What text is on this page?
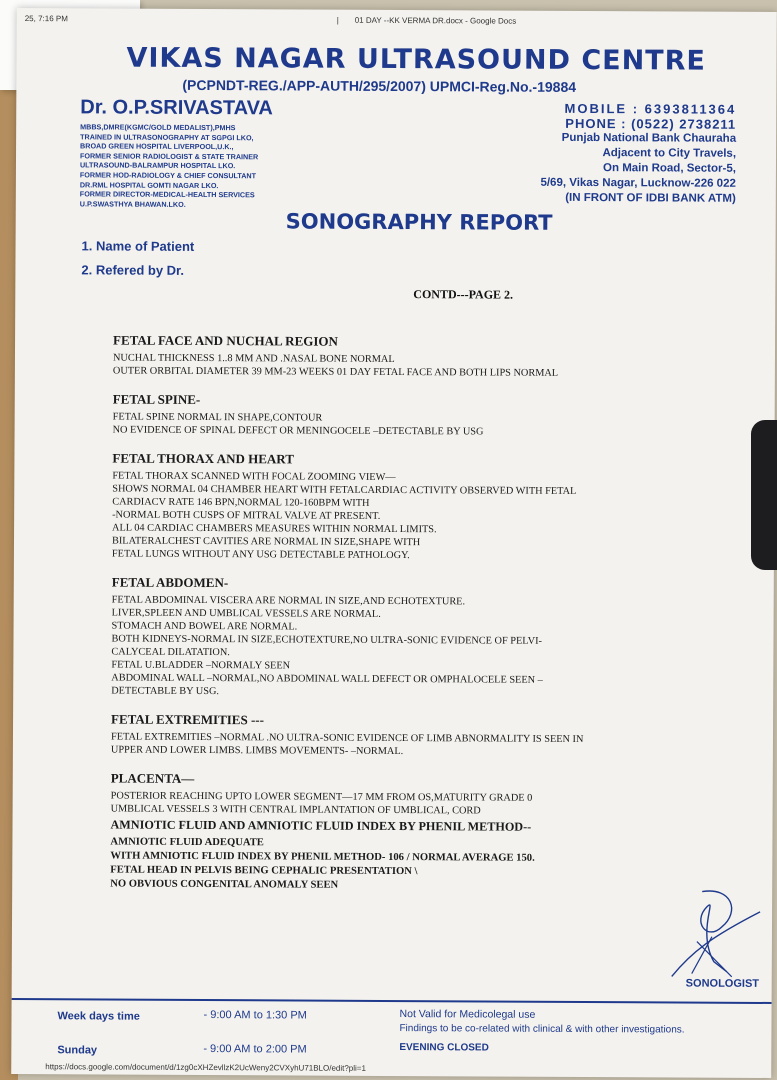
25, 7:16 PM	| 01 DAY --KK VERMA DR.docx - Google Docs
VIKAS NAGAR ULTRASOUND CENTRE
(PCPNDT-REG./APP-AUTH/295/2007) UPMCI-Reg.No.-19884
Dr. O.P.SRIVASTAVA
MBBS,DMRE(KGMC/GOLD MEDALIST),PMHS
TRAINED IN ULTRASONOGRAPHY AT SGPGI LKO,
BROAD GREEN HOSPITAL LIVERPOOL,U.K.,
FORMER SENIOR RADIOLOGIST & STATE TRAINER
ULTRASOUND-BALRAMPUR HOSPITAL LKO.
FORMER HOD-RADIOLOGY & CHIEF CONSULTANT
DR.RML HOSPITAL GOMTI NAGAR LKO.
FORMER DIRECTOR-MEDICAL-HEALTH SERVICES
U.P.SWASTHYA BHAWAN.LKO.
MOBILE : 6393811364
PHONE : (0522) 2738211
Punjab National Bank Chauraha
Adjacent to City Travels,
On Main Road, Sector-5,
5/69, Vikas Nagar, Lucknow-226 022
(IN FRONT OF IDBI BANK ATM)
SONOGRAPHY REPORT
1. Name of Patient
2. Refered by Dr.
CONTD---PAGE 2.
FETAL FACE AND NUCHAL REGION

NUCHAL THICKNESS 1..8 MM AND .NASAL BONE NORMAL

OUTER ORBITAL DIAMETER 39 MM-23 WEEKS 01 DAY FETAL FACE AND BOTH LIPS NORMAL

FETAL SPINE-

FETAL SPINE NORMAL IN SHAPE,CONTOUR

NO EVIDENCE OF SPINAL DEFECT OR MENINGOCELE –DETECTABLE BY USG

FETAL THORAX AND HEART

FETAL THORAX SCANNED WITH FOCAL ZOOMING VIEW—

SHOWS NORMAL 04 CHAMBER HEART WITH FETALCARDIAC ACTIVITY OBSERVED WITH FETAL

CARDIACV RATE 146 BPN,NORMAL 120-160BPM WITH

-NORMAL BOTH CUSPS OF MITRAL VALVE AT PRESENT.

ALL 04 CARDIAC CHAMBERS MEASURES WITHIN NORMAL LIMITS.

BILATERALCHEST CAVITIES ARE NORMAL IN SIZE,SHAPE WITH

FETAL LUNGS WITHOUT ANY USG DETECTABLE PATHOLOGY.

FETAL ABDOMEN-

FETAL ABDOMINAL VISCERA ARE NORMAL IN SIZE,AND ECHOTEXTURE.

LIVER,SPLEEN AND UMBLICAL VESSELS ARE NORMAL.

STOMACH AND BOWEL ARE NORMAL.

BOTH KIDNEYS-NORMAL IN SIZE,ECHOTEXTURE,NO ULTRA-SONIC EVIDENCE OF PELVI-

CALYCEAL DILATATION.

FETAL U.BLADDER –NORMALY SEEN

ABDOMINAL WALL –NORMAL,NO ABDOMINAL WALL DEFECT OR OMPHALOCELE SEEN –

DETECTABLE BY USG.

FETAL EXTREMITIES ---

FETAL EXTREMITIES –NORMAL .NO ULTRA-SONIC EVIDENCE OF LIMB ABNORMALITY IS SEEN IN

UPPER AND LOWER LIMBS. LIMBS MOVEMENTS- –NORMAL.

PLACENTA—

POSTERIOR REACHING UPTO LOWER SEGMENT—17 MM FROM OS,MATURITY GRADE 0

UMBLICAL VESSELS 3 WITH CENTRAL IMPLANTATION OF UMBLICAL, CORD

AMNIOTIC FLUID AND AMNIOTIC FLUID INDEX BY PHENIL METHOD--

AMNIOTIC FLUID ADEQUATE

WITH AMNIOTIC FLUID INDEX BY PHENIL METHOD- 106 / NORMAL AVERAGE 150.

FETAL HEAD IN PELVIS BEING CEPHALIC PRESENTATION \

NO OBVIOUS CONGENITAL ANOMALY SEEN

SONOLOGIST
Week days time	- 9:00 AM to 1:30 PM
Sunday	- 9:00 AM to 2:00 PM
Not Valid for Medicolegal use
Findings to be co-related with clinical & with other investigations.
EVENING CLOSED
https://docs.google.com/document/d/1zg0cXHZevllzK2UcWeny2CVXyhU71BLO/edit?pli=1
